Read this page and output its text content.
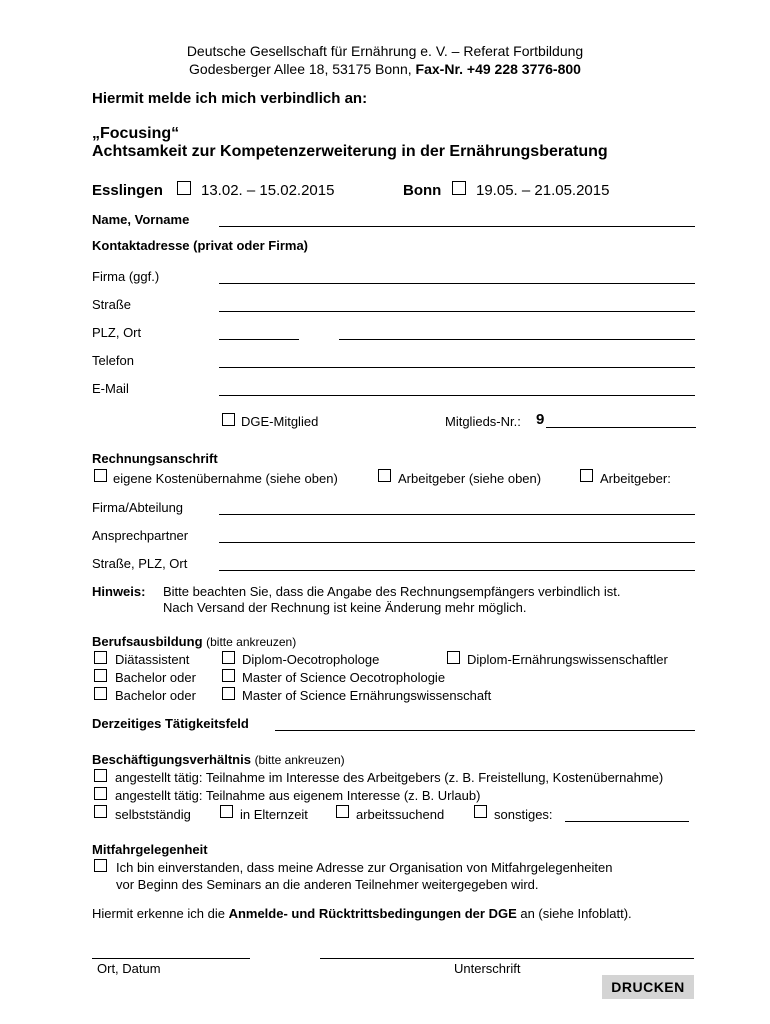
Deutsche Gesellschaft für Ernährung e. V. – Referat Fortbildung
Godesberger Allee 18, 53175 Bonn, Fax-Nr. +49 228 3776-800
Hiermit melde ich mich verbindlich an:
„Focusing“
Achtsamkeit zur Kompetenzerweiterung in der Ernährungsberatung
Esslingen	13.02. – 15.02.2015	Bonn 19.05. – 21.05.2015
Name, Vorname
Kontaktadresse (privat oder Firma)
Firma (ggf.)
Straße
PLZ, Ort
Telefon
E-Mail
DGE-Mitglied	Mitglieds-Nr.: 9
Rechnungsanschrift
eigene Kostenübernahme (siehe oben)	Arbeitgeber (siehe oben)	Arbeitgeber:
Firma/Abteilung
Ansprechpartner
Straße, PLZ, Ort
Hinweis: Bitte beachten Sie, dass die Angabe des Rechnungsempfängers verbindlich ist.
Nach Versand der Rechnung ist keine Änderung mehr möglich.
Berufsausbildung (bitte ankreuzen)
Diätassistent	Diplom-Oecotrophologe	Diplom-Ernährungswissenschaftler
Bachelor oder	Master of Science Oecotrophologie
Bachelor oder	Master of Science Ernährungswissenschaft
Derzeitiges Tätigkeitsfeld
Beschäftigungsverhältnis (bitte ankreuzen)
angestellt tätig: Teilnahme im Interesse des Arbeitgebers (z. B. Freistellung, Kostenübernahme)
angestellt tätig: Teilnahme aus eigenem Interesse (z. B. Urlaub)
selbstständig	in Elternzeit	arbeitssuchend	sonstiges:
Mitfahrgelegenheit
Ich bin einverstanden, dass meine Adresse zur Organisation von Mitfahrgelegenheiten
vor Beginn des Seminars an die anderen Teilnehmer weitergegeben wird.
Hiermit erkenne ich die Anmelde- und Rücktrittsbedingungen der DGE an (siehe Infoblatt).
Ort, Datum	Unterschrift
DRUCKEN
